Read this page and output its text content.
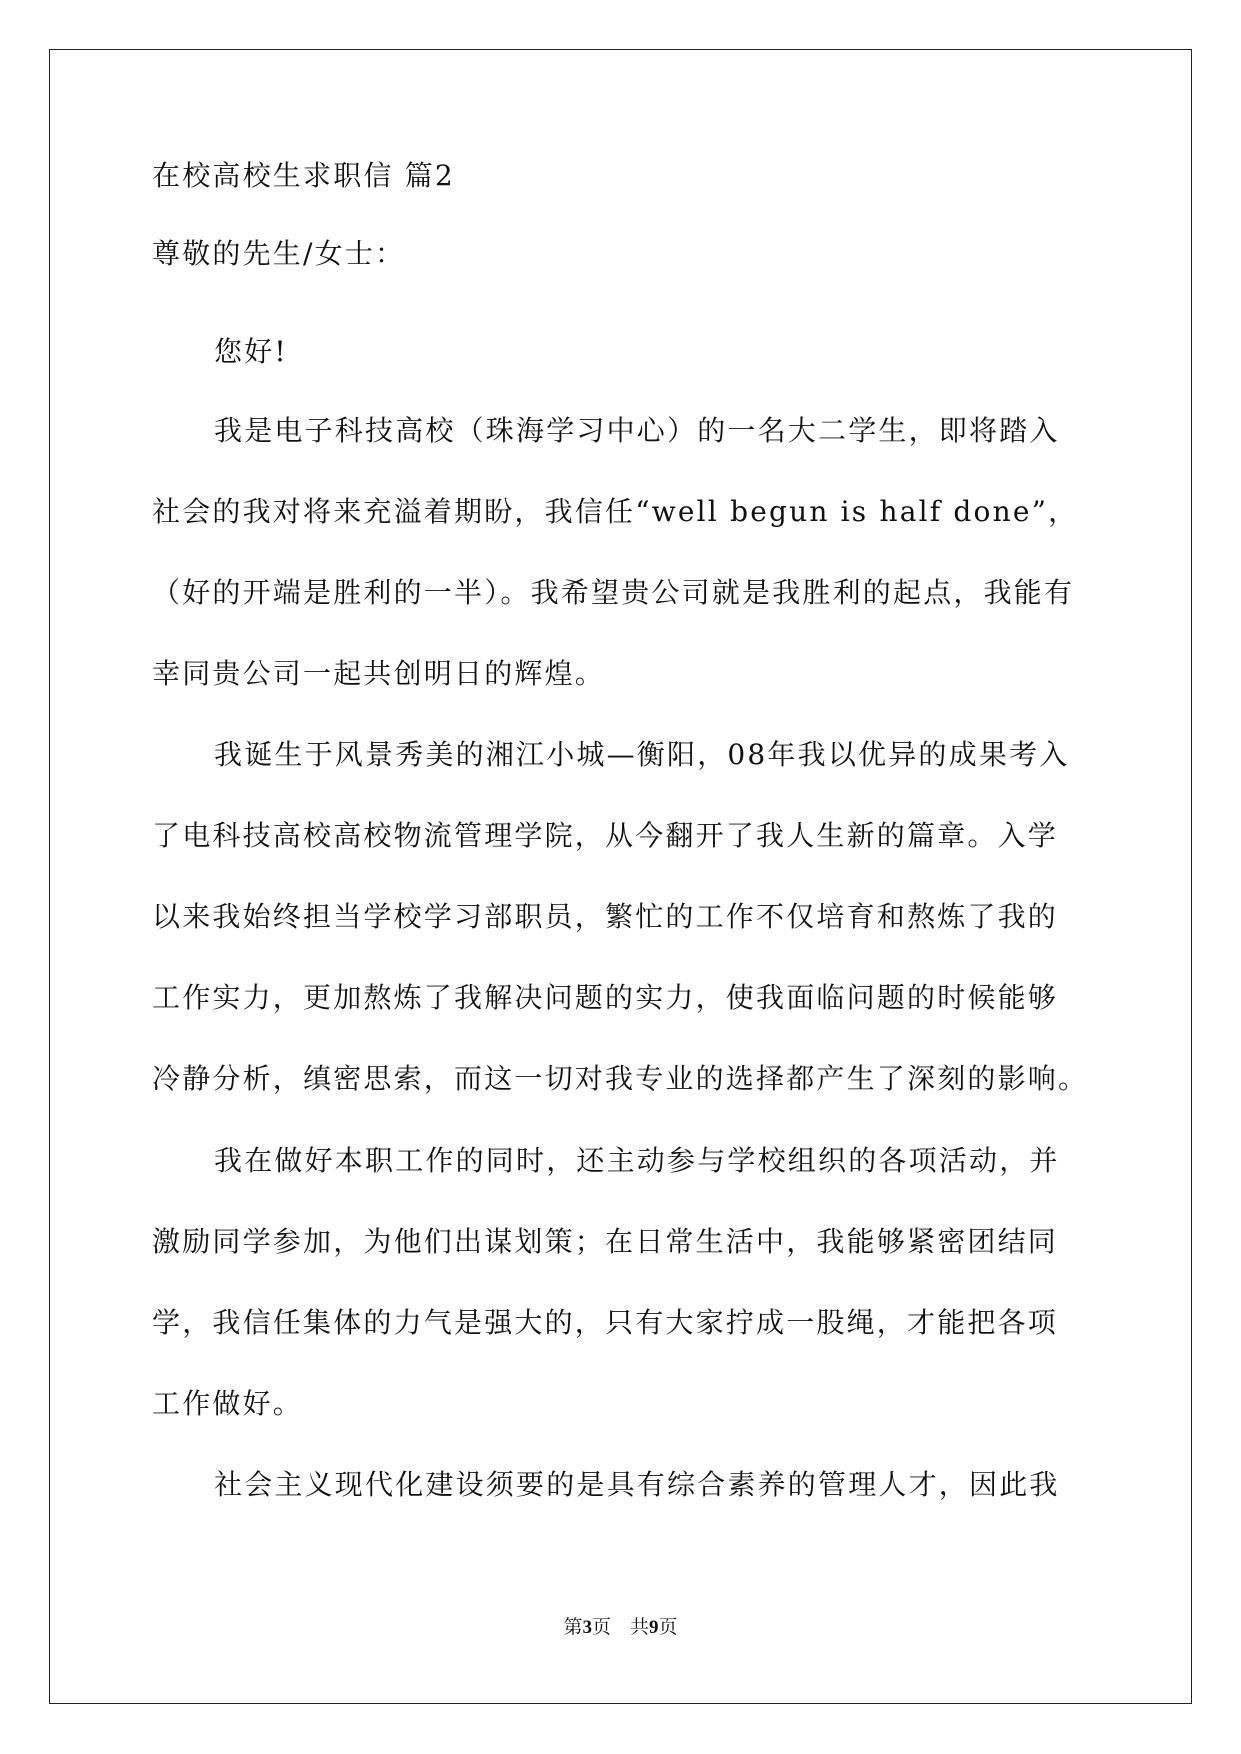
在校高校生求职信 篇2
尊敬的先生/女士：
您好!
我是电子科技高校（珠海学习中心）的一名大二学生，即将踏入
社会的我对将来充溢着期盼，我信任“well begun is half done”，
（好的开端是胜利的一半）。我希望贵公司就是我胜利的起点，我能有
幸同贵公司一起共创明日的辉煌。
我诞生于风景秀美的湘江小城—衡阳，08年我以优异的成果考入
了电科技高校高校物流管理学院，从今翻开了我人生新的篇章。入学
以来我始终担当学校学习部职员，繁忙的工作不仅培育和熬炼了我的
工作实力，更加熬炼了我解决问题的实力，使我面临问题的时候能够
冷静分析，缜密思索，而这一切对我专业的选择都产生了深刻的影响。
我在做好本职工作的同时，还主动参与学校组织的各项活动，并
激励同学参加，为他们出谋划策；在日常生活中，我能够紧密团结同
学，我信任集体的力气是强大的，只有大家拧成一股绳，才能把各项
工作做好。
社会主义现代化建设须要的是具有综合素养的管理人才，因此我
第3页 共9页
